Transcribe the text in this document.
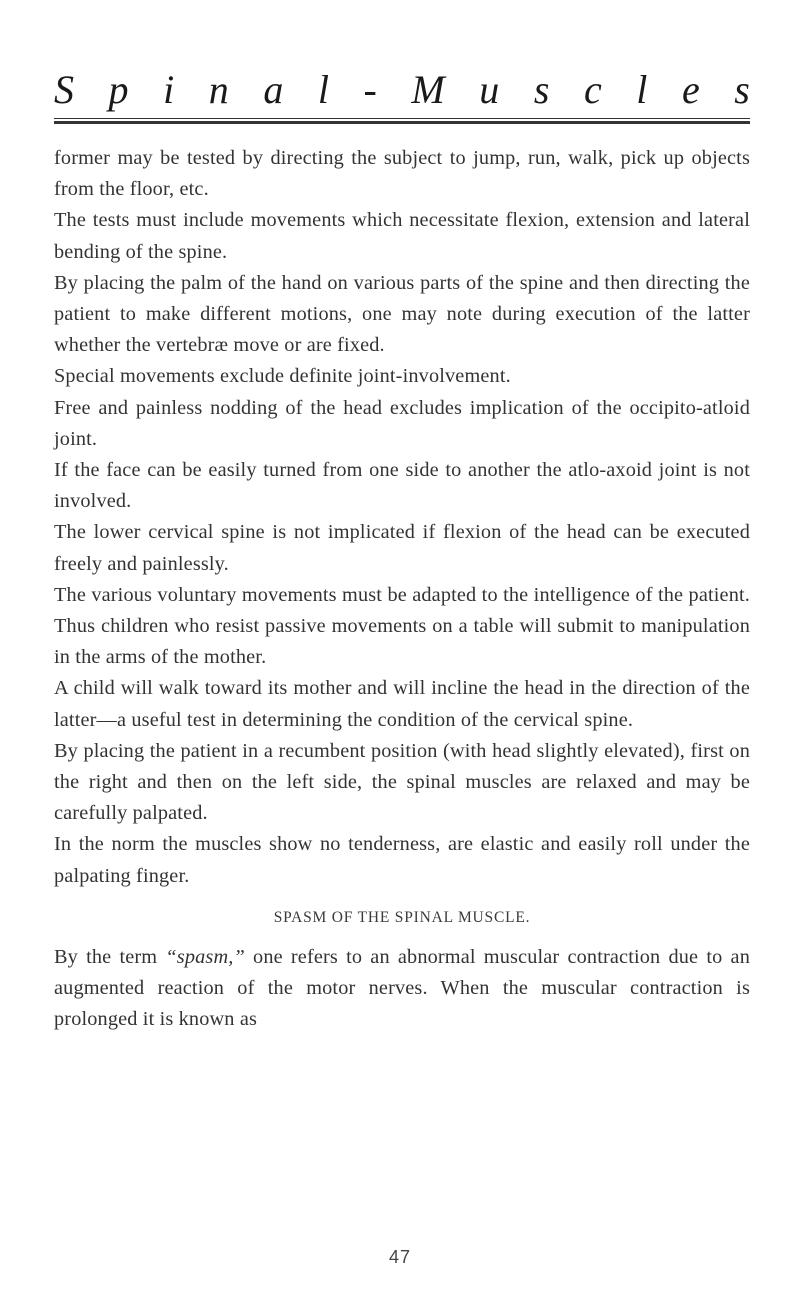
S p i n a l - M u s c l e s

former may be tested by directing the subject to jump, run, walk, pick up objects from the floor, etc.

The tests must include movements which necessitate flexion, extension and lateral bending of the spine.

By placing the palm of the hand on various parts of the spine and then directing the patient to make different motions, one may note during execution of the latter whether the vertebræ move or are fixed.

Special movements exclude definite joint-involvement.

Free and painless nodding of the head excludes implication of the occipito-atloid joint.

If the face can be easily turned from one side to another the atlo-axoid joint is not involved.

The lower cervical spine is not implicated if flexion of the head can be executed freely and painlessly.

The various voluntary movements must be adapted to the intelligence of the patient. Thus children who resist passive movements on a table will submit to manipulation in the arms of the mother.

A child will walk toward its mother and will incline the head in the direction of the latter—a useful test in determining the condition of the cervical spine.

By placing the patient in a recumbent position (with head slightly elevated), first on the right and then on the left side, the spinal muscles are relaxed and may be carefully palpated.

In the norm the muscles show no tenderness, are elastic and easily roll under the palpating finger.

SPASM OF THE SPINAL MUSCLE.

By the term “spasm,” one refers to an abnormal muscular contraction due to an augmented reaction of the motor nerves. When the muscular contraction is prolonged it is known as

47
